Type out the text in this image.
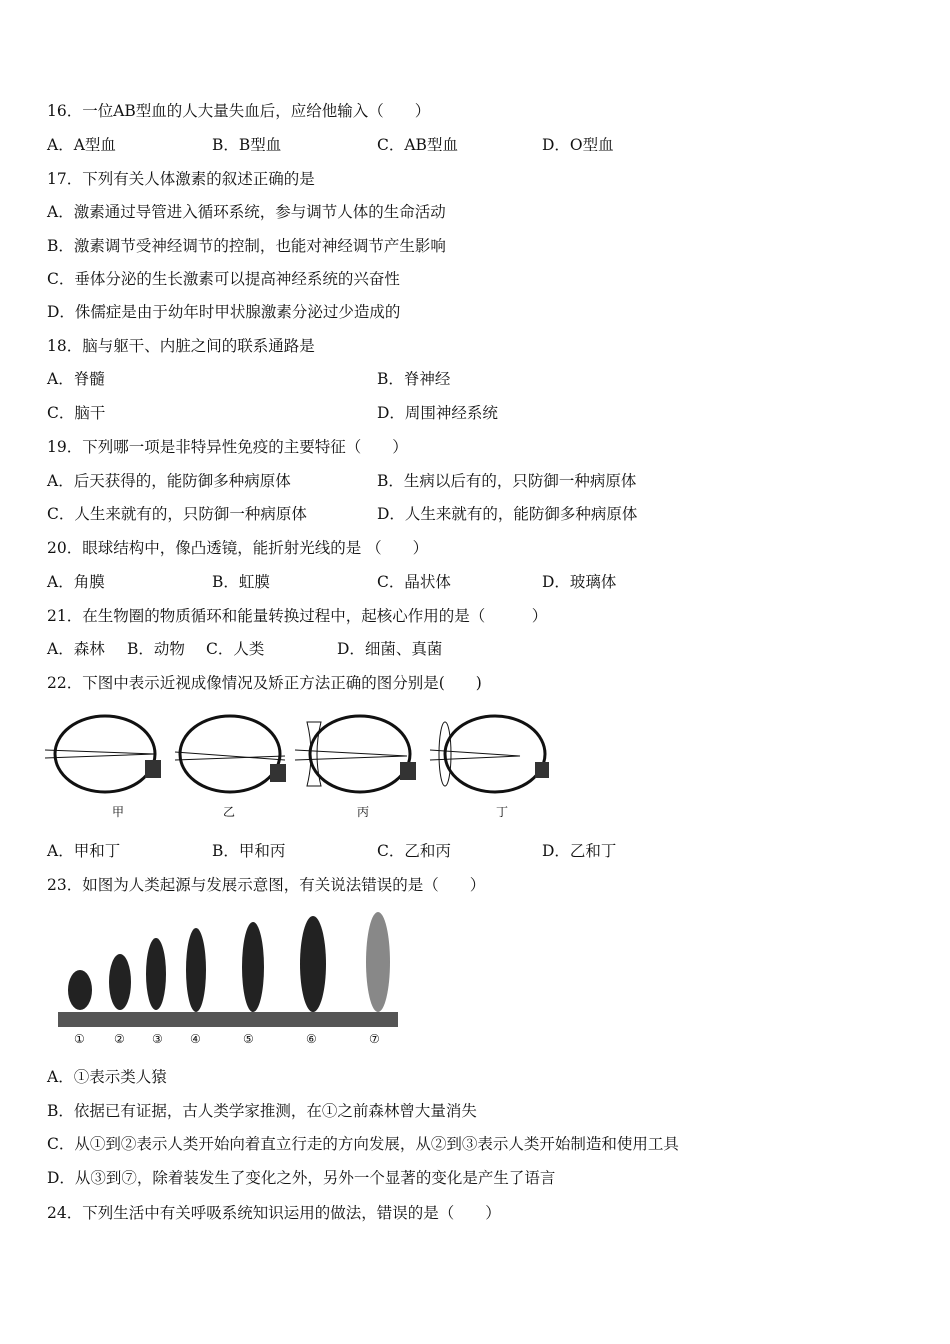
16．一位AB型血的人大量失血后，应给他输入（　　）
A．A型血	B．B型血	C．AB型血	D．O型血
17．下列有关人体激素的叙述正确的是
A．激素通过导管进入循环系统，参与调节人体的生命活动
B．激素调节受神经调节的控制，也能对神经调节产生影响
C．垂体分泌的生长激素可以提高神经系统的兴奋性
D．侏儒症是由于幼年时甲状腺激素分泌过少造成的
18．脑与躯干、内脏之间的联系通路是
A．脊髓	B．脊神经
C．脑干	D．周围神经系统
19．下列哪一项是非特异性免疫的主要特征（　　）
A．后天获得的，能防御多种病原体	B．生病以后有的，只防御一种病原体
C．人生来就有的，只防御一种病原体	D．人生来就有的，能防御多种病原体
20．眼球结构中，像凸透镜，能折射光线的是 （　　）
A．角膜	B．虹膜	C．晶状体	D．玻璃体
21．在生物圈的物质循环和能量转换过程中，起核心作用的是（　　　）
A．森林 B．动物 C．人类	D．细菌、真菌
22．下图中表示近视成像情况及矫正方法正确的图分别是(　　)
甲	乙	丙	丁
A．甲和丁	B．甲和丙	C．乙和丙	D．乙和丁
23．如图为人类起源与发展示意图，有关说法错误的是（　　）
① ② ③ ④	⑤	⑥	⑦
A．①表示类人猿
B．依据已有证据，古人类学家推测，在①之前森林曾大量消失
C．从①到②表示人类开始向着直立行走的方向发展，从②到③表示人类开始制造和使用工具
D．从③到⑦，除着装发生了变化之外，另外一个显著的变化是产生了语言
24．下列生活中有关呼吸系统知识运用的做法，错误的是（　　）
